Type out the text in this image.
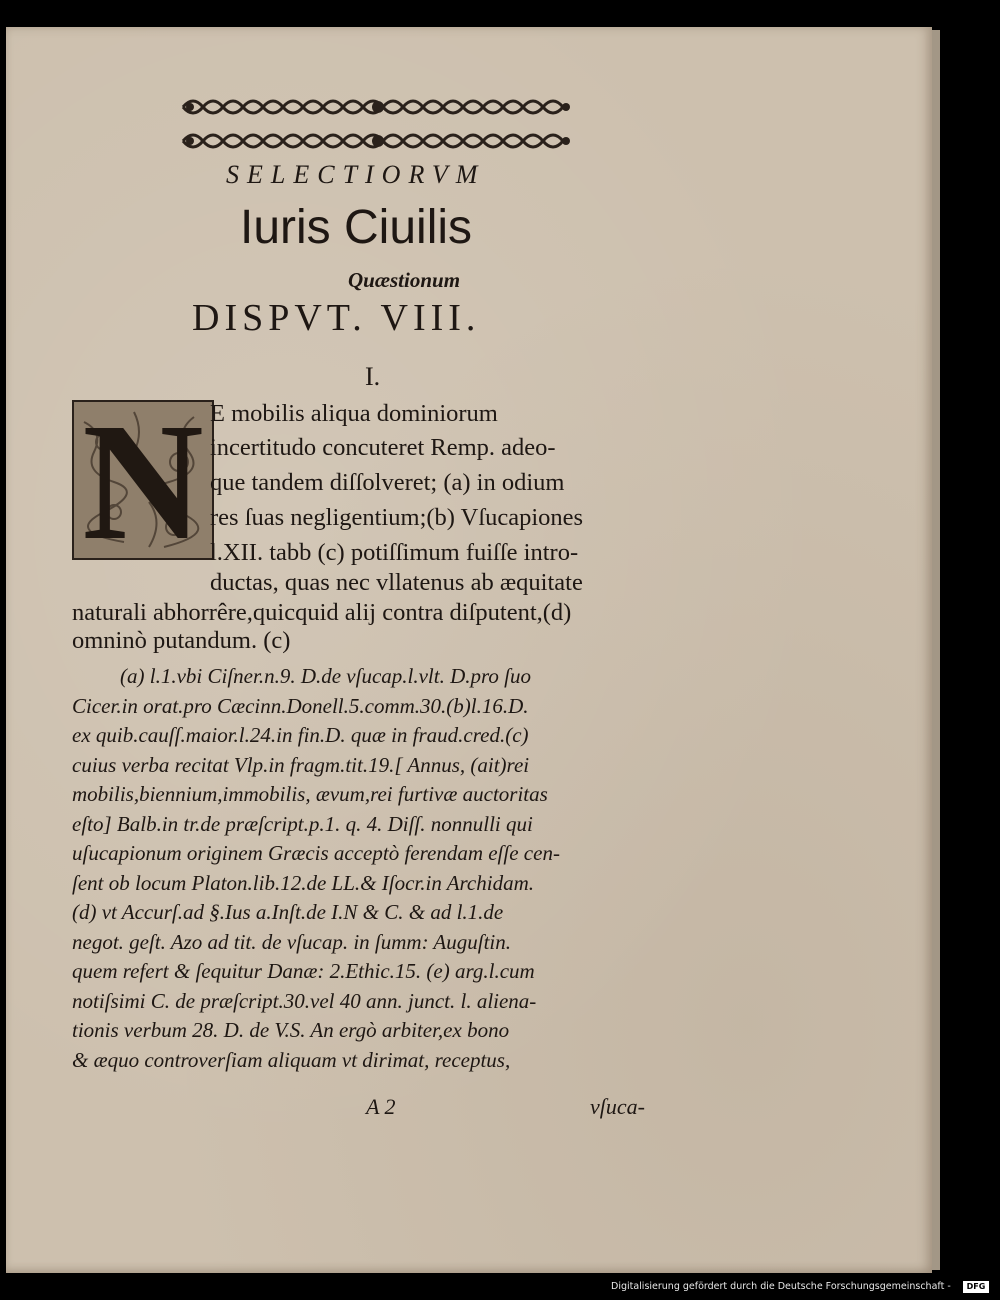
SELECTIORVM
Iuris Ciuilis
Quæstionum
DISPVT. VIII.
I.
N E mobilis aliqua dominiorum
incertitudo concuteret Remp. adeo-
que tandem diſſolveret; (a) in odium
res ſuas negligentium;(b) Vſucapiones
l.XII. tabb (c) potiſſimum fuiſſe intro-
ductas, quas nec vllatenus ab æquitate
naturali abhorrêre,quicquid alij contra diſputent,(d)
omninò putandum. (c)
(a) l.1.vbi Ciſner.n.9. D.de vſucap.l.vlt. D.pro ſuo
Cicer.in orat.pro Cæcinn.Donell.5.comm.30.(b)l.16.D.
ex quib.cauſſ.maior.l.24.in fin.D. quæ in fraud.cred.(c)
cuius verba recitat Vlp.in fragm.tit.19.[ Annus, (ait)rei
mobilis,biennium,immobilis, ævum,rei furtivæ auctoritas
eſto] Balb.in tr.de præſcript.p.1. q. 4. Diſſ. nonnulli qui
uſucapionum originem Græcis acceptò ferendam eſſe cen-
ſent ob locum Platon.lib.12.de LL.& Iſocr.in Archidam.
(d) vt Accurſ.ad §.Ius a.Inſt.de I.N & C. & ad l.1.de
negot. geſt. Azo ad tit. de vſucap. in ſumm: Auguſtin.
quem refert & ſequitur Danæ: 2.Ethic.15. (e) arg.l.cum
notiſsimi C. de præſcript.30.vel 40 ann. junct. l. aliena-
tionis verbum 28. D. de V.S. An ergò arbiter,ex bono
& æquo controverſiam aliquam vt dirimat, receptus,
A 2	vſuca-
Digitalisierung gefördert durch die Deutsche Forschungsgemeinschaft -	DFG
